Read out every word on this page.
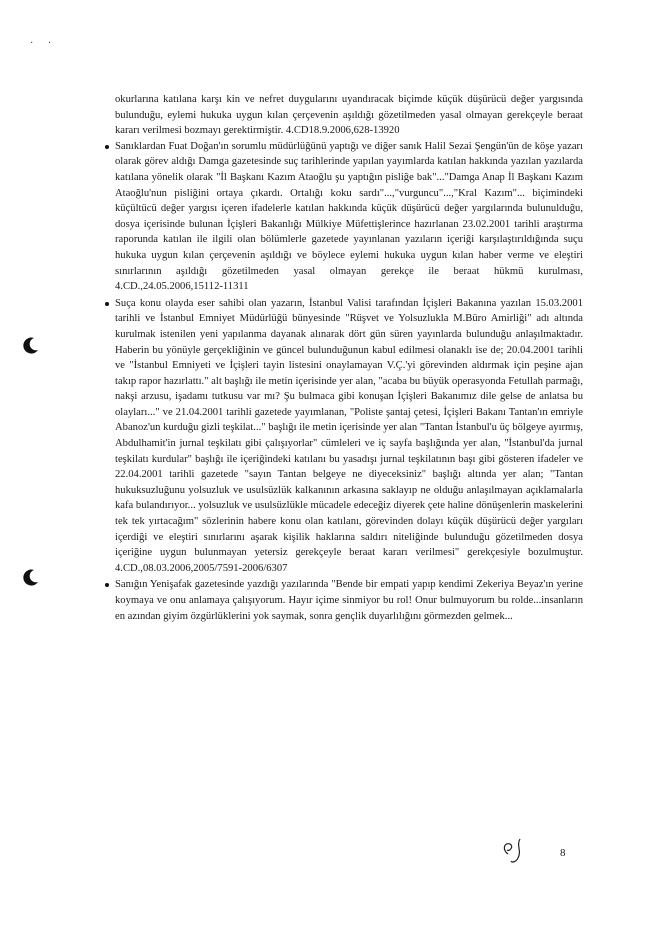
· ·

okurlarına katılana karşı kin ve nefret duygularını uyandıracak biçimde küçük düşürücü değer yargısında bulunduğu, eylemi hukuka uygun kılan çerçevenin aşıldığı gözetilmeden yasal olmayan gerekçeyle beraat kararı verilmesi bozmayı gerektirmiştir. 4.CD18.9.2006,628-13920

Sanıklardan Fuat Doğan'ın sorumlu müdürlüğünü yaptığı ve diğer sanık Halil Sezai Şengün'ün de köşe yazarı olarak görev aldığı Damga gazetesinde suç tarihlerinde yapılan yayımlarda katılan hakkında yazılan yazılarda katılana yönelik olarak "İl Başkanı Kazım Ataoğlu şu yaptığın pisliğe bak"..."Damga Anap İl Başkanı Kazım Ataoğlu'nun pisliğini ortaya çıkardı. Ortalığı koku sardı"...,"vurguncu"...,"Kral Kazım"... biçimindeki küçültücü değer yargısı içeren ifadelerle katılan hakkında küçük düşürücü değer yargılarında bulunulduğu, dosya içerisinde bulunan İçişleri Bakanlığı Mülkiye Müfettişlerince hazırlanan 23.02.2001 tarihli araştırma raporunda katılan ile ilgili olan bölümlerle gazetede yayınlanan yazıların içeriği karşılaştırıldığında suçu hukuka uygun kılan çerçevenin aşıldığı ve böylece eylemi hukuka uygun kılan haber verme ve eleştiri sınırlarının aşıldığı gözetilmeden yasal olmayan gerekçe ile beraat hükmü kurulması, 4.CD.,24.05.2006,15112-11311

Suça konu olayda eser sahibi olan yazarın, İstanbul Valisi tarafından İçişleri Bakanına yazılan 15.03.2001 tarihli ve İstanbul Emniyet Müdürlüğü bünyesinde "Rüşvet ve Yolsuzlukla M.Büro Amirliği" adı altında kurulmak istenilen yeni yapılanma dayanak alınarak dört gün süren yayınlarda bulunduğu anlaşılmaktadır. Haberin bu yönüyle gerçekliğinin ve güncel bulunduğunun kabul edilmesi olanaklı ise de; 20.04.2001 tarihli ve "İstanbul Emniyeti ve İçişleri tayin listesini onaylamayan V.Ç.'yi görevinden aldırmak için peşine ajan takıp rapor hazırlattı." alt başlığı ile metin içerisinde yer alan, "acaba bu büyük operasyonda Fetullah parmağı, nakşi arzusu, işadamı tutkusu var mı? Şu bulmaca gibi konuşan İçişleri Bakanımız dile gelse de anlatsa bu olayları..." ve 21.04.2001 tarihli gazetede yayımlanan, "Poliste şantaj çetesi, İçişleri Bakanı Tantan'ın emriyle Abanoz'un kurduğu gizli teşkilat..." başlığı ile metin içerisinde yer alan "Tantan İstanbul'u üç bölgeye ayırmış, Abdulhamit'in jurnal teşkilatı gibi çalışıyorlar" cümleleri ve iç sayfa başlığında yer alan, "İstanbul'da jurnal teşkilatı kurdular" başlığı ile içeriğindeki katılanı bu yasadışı jurnal teşkilatının başı gibi gösteren ifadeler ve 22.04.2001 tarihli gazetede "sayın Tantan belgeye ne diyeceksiniz" başlığı altında yer alan; "Tantan hukuksuzluğunu yolsuzluk ve usulsüzlük kalkanının arkasına saklayıp ne olduğu anlaşılmayan açıklamalarla kafa bulandırıyor... yolsuzluk ve usulsüzlükle mücadele edeceğiz diyerek çete haline dönüşenlerin maskelerini tek tek yırtacağım" sözlerinin habere konu olan katılanı, görevinden dolayı küçük düşürücü değer yargıları içerdiği ve eleştiri sınırlarını aşarak kişilik haklarına saldırı niteliğinde bulunduğu gözetilmeden dosya içeriğine uygun bulunmayan yetersiz gerekçeyle beraat kararı verilmesi" gerekçesiyle bozulmuştur. 4.CD.,08.03.2006,2005/7591-2006/6307

Sanığın Yenişafak gazetesinde yazdığı yazılarında "Bende bir empati yapıp kendimi Zekeriya Beyaz'ın yerine koymaya ve onu anlamaya çalışıyorum. Hayır içime sinmiyor bu rol! Onur bulmuyorum bu rolde...insanların en azından giyim özgürlüklerini yok saymak, sonra gençlik duyarlılığını görmezden gelmek...

8
